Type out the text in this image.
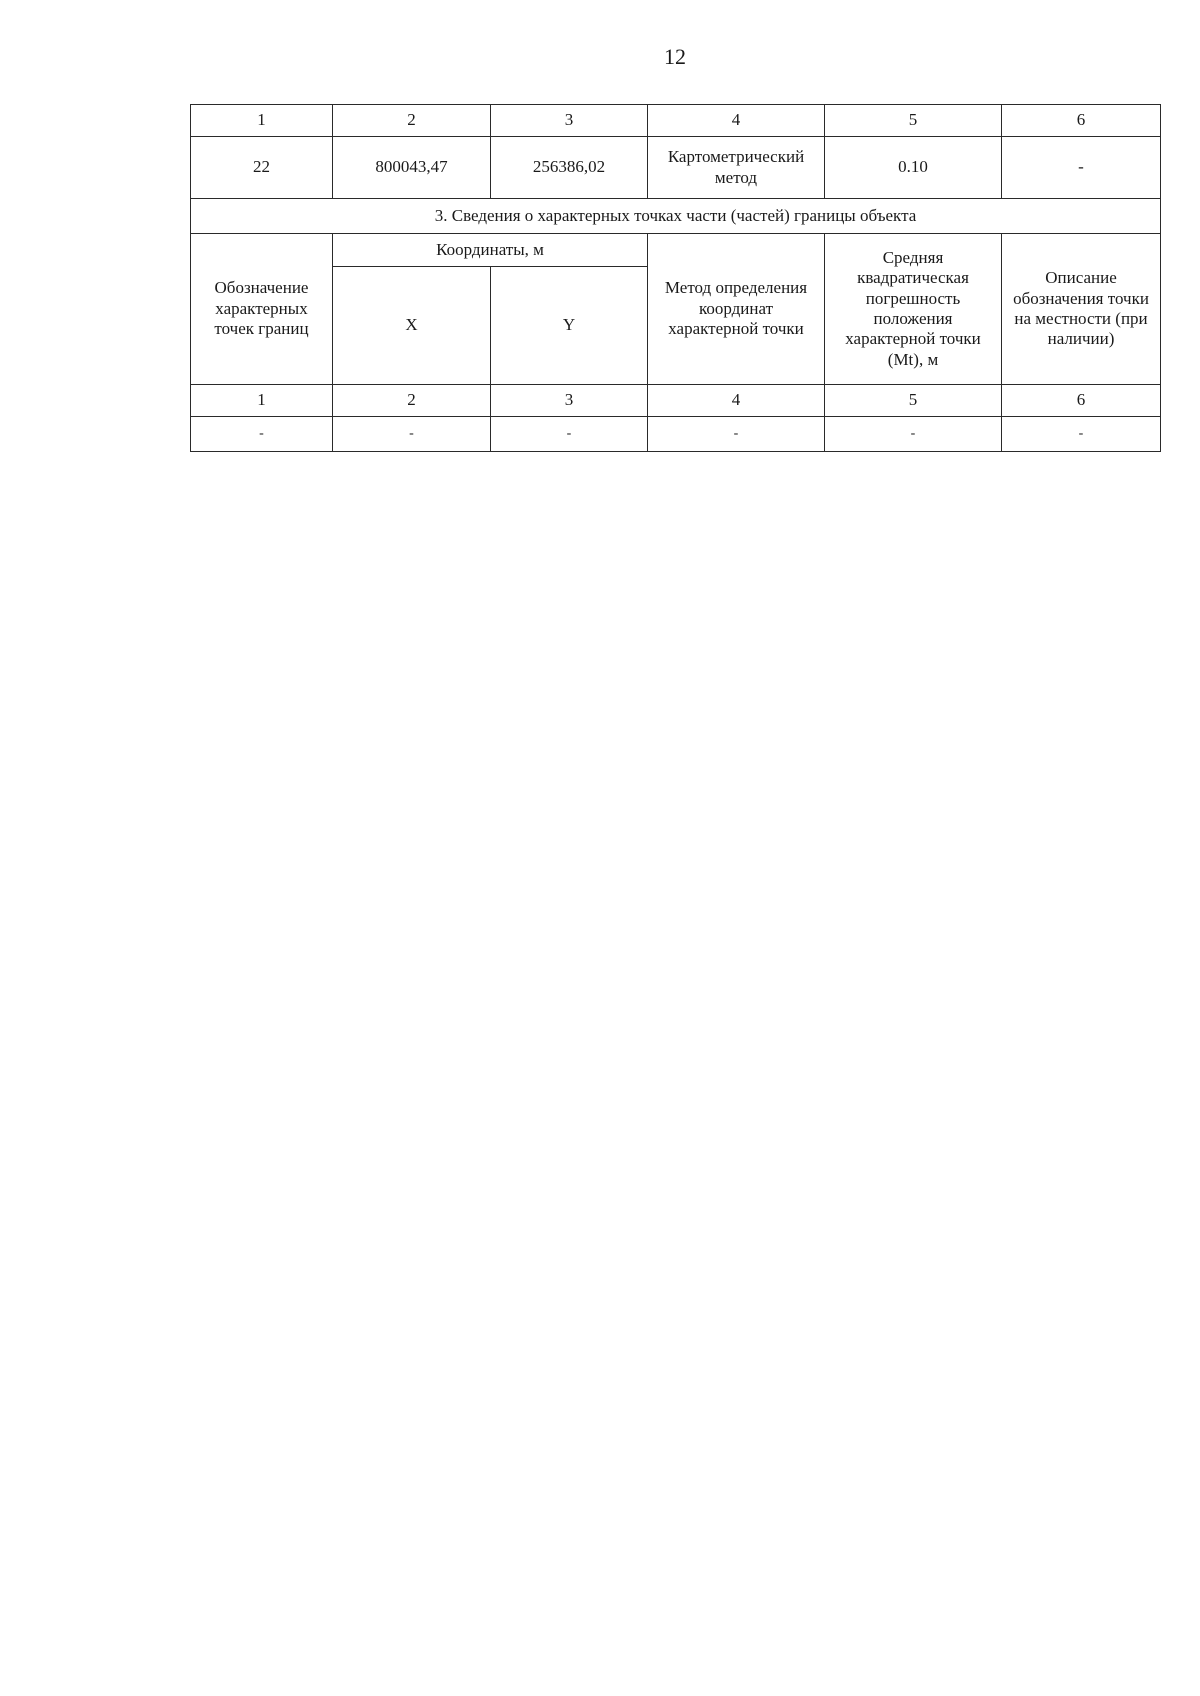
12
1	2	3	4	5	6
22	800043,47	256386,02	Картометрический метод	0.10	-
3. Сведения о характерных точках части (частей) границы объекта					
Обозначение характерных точек границ	Координаты, м		Метод определения координат характерной точки	Средняя квадратическая погрешность положения характерной точки (Mt), м	Описание обозначения точки на местности (при наличии)
	X	Y			
1	2	3	4	5	6
-	-	-	-	-	-
